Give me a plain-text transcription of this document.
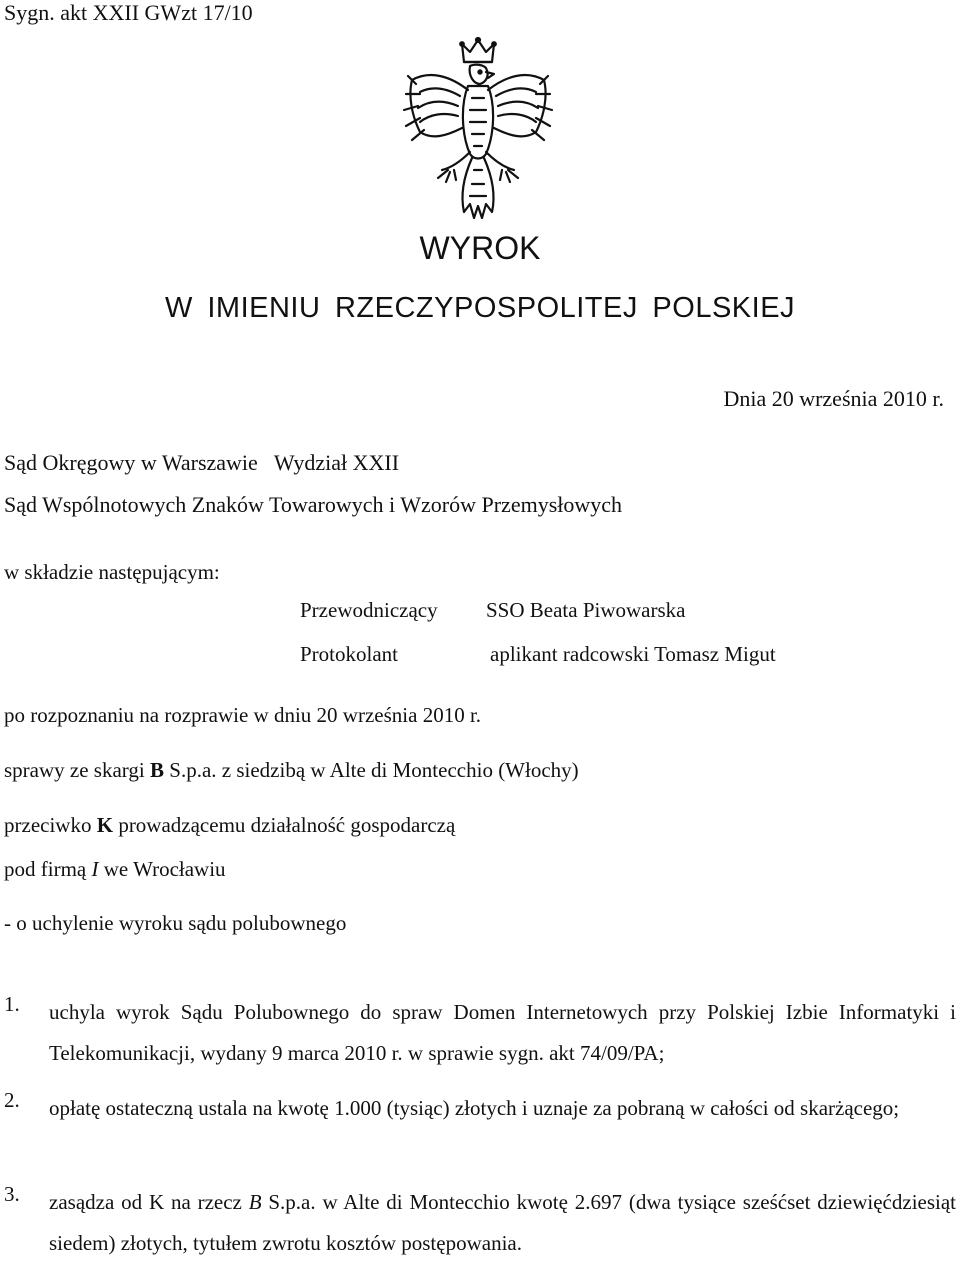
Sygn. akt XXII GWzt 17/10
WYROK
W IMIENIU RZECZYPOSPOLITEJ POLSKIEJ
Dnia 20 września 2010 r.
Sąd Okręgowy w Warszawie   Wydział XXII
Sąd Wspólnotowych Znaków Towarowych i Wzorów Przemysłowych
w składzie następującym:
Przewodniczący SSO Beata Piwowarska
Protokolant	aplikant radcowski Tomasz Migut
po rozpoznaniu na rozprawie w dniu 20 września 2010 r.
sprawy ze skargi B S.p.a. z siedzibą w Alte di Montecchio (Włochy)
przeciwko K prowadzącemu działalność gospodarczą
pod firmą I we Wrocławiu
- o uchylenie wyroku sądu polubownego
1. uchyla wyrok Sądu Polubownego do spraw Domen Internetowych przy Polskiej Izbie Informatyki i Telekomunikacji, wydany 9 marca 2010 r. w sprawie sygn. akt 74/09/PA;
2. opłatę ostateczną ustala na kwotę 1.000 (tysiąc) złotych i uznaje za pobraną w całości od skarżącego;
3. zasądza od K na rzecz B S.p.a. w Alte di Montecchio kwotę 2.697 (dwa tysiące sześćset dziewięćdziesiąt siedem) złotych, tytułem zwrotu kosztów postępowania.
